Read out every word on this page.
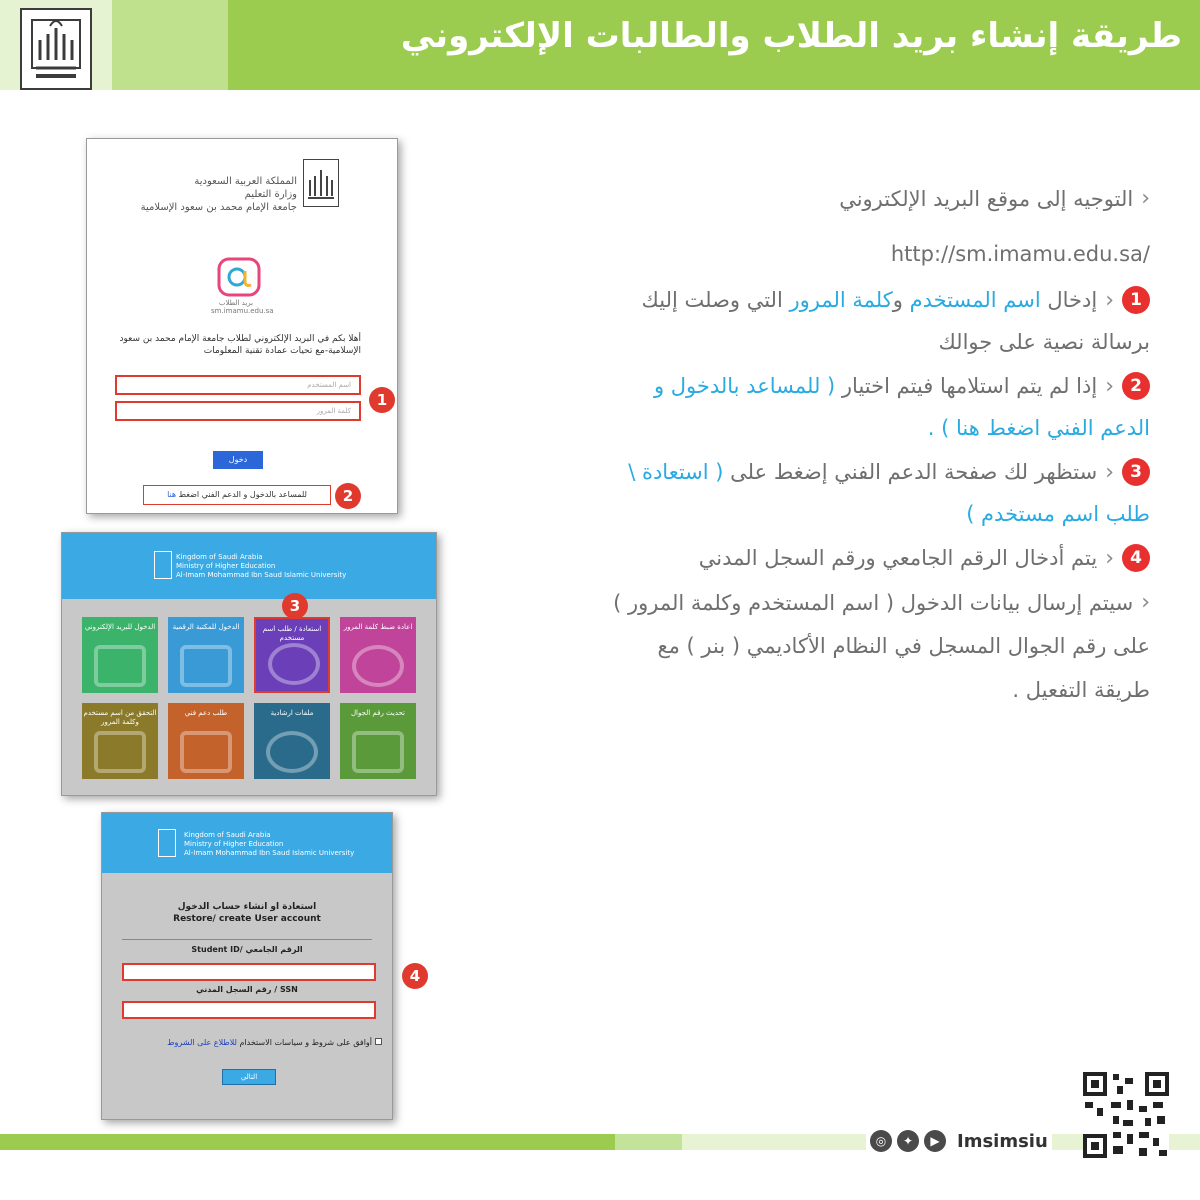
طريقة إنشاء بريد الطلاب والطالبات الإلكتروني
‹
التوجيه إلى موقع البريد الإلكتروني
/http://sm.imamu.edu.sa
1
‹
إدخال اسم المستخدم وكلمة المرور التي وصلت إليك
برسالة نصية على جوالك
2
‹
إذا لم يتم استلامها فيتم اختيار ( للمساعد بالدخول و
الدعم الفني اضغط هنا ) .
3
‹
ستظهر لك صفحة الدعم الفني إضغط على ( استعادة \
طلب اسم مستخدم )
4
‹
يتم أدخال الرقم الجامعي ورقم السجل المدني
‹
سيتم إرسال بيانات الدخول ( اسم المستخدم وكلمة المرور )
على رقم الجوال المسجل في النظام الأكاديمي ( بنر ) مع
طريقة التفعيل .
المملكة العربية السعودية
وزارة التعليم
جامعة الإمام محمد بن سعود الإسلامية
بريد الطلاب
sm.imamu.edu.sa
أهلا بكم في البريد الإلكتروني لطلاب جامعة الإمام محمد بن سعود الإسلامية-مع تحيات عمادة تقنية المعلومات
اسم المستخدم
كلمة المرور
1
دخول
للمساعد بالدخول و الدعم الفني اضغط هنا	2
Kingdom of Saudi Arabia
Ministry of Higher Education
Al-Imam Mohammad Ibn Saud Islamic University
3
الدخول للبريد الإلكتروني	الدخول للمكتبة الرقمية	استعادة / طلب اسم مستخدم
اعادة ضبط كلمة المرور
التحقق من اسم مستخدم وكلمة المرور
طلب دعم فني	ملفات ارشادية	تحديث رقم الجوال
Kingdom of Saudi Arabia
Ministry of Higher Education
Al-Imam Mohammad Ibn Saud Islamic University
استعادة او انشاء حساب الدخول
Restore/ create User account
Student ID/ الرقم الجامعي
رقم السجل المدني / SSN
4
أوافق على شروط و سياسات الاستخدام للاطلاع على الشروط
التالي
◎	✦	▶ Imsimsiu
